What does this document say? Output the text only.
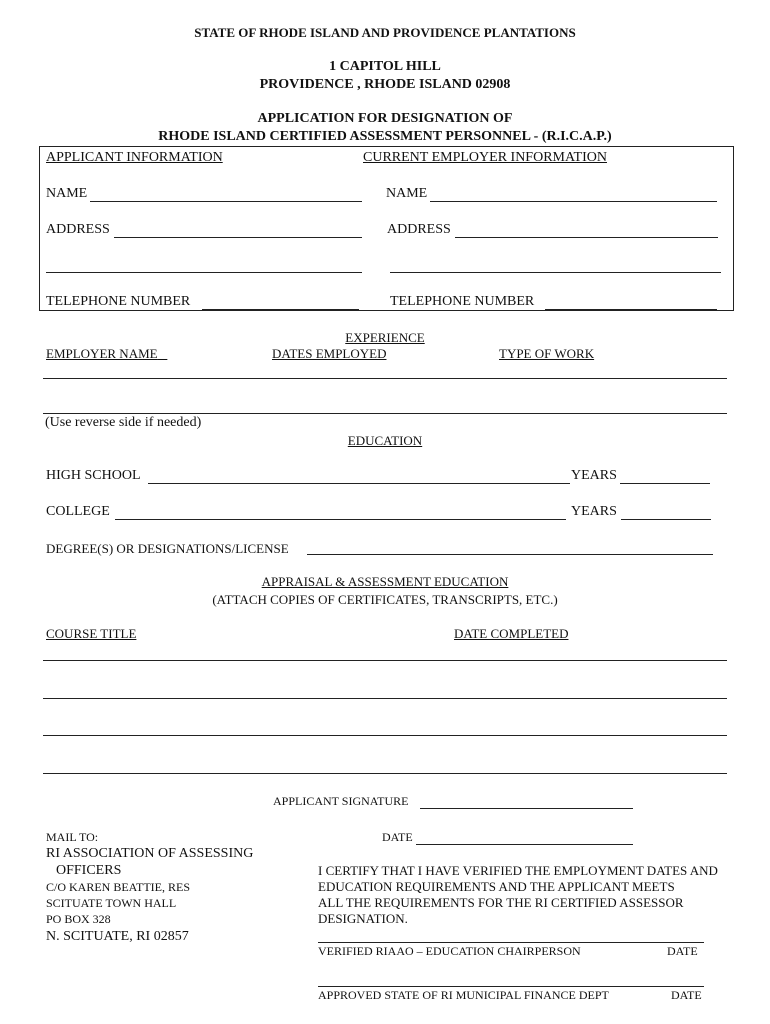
STATE OF RHODE ISLAND AND PROVIDENCE PLANTATIONS
1 CAPITOL HILL
PROVIDENCE , RHODE ISLAND 02908
APPLICATION FOR DESIGNATION OF
RHODE ISLAND CERTIFIED ASSESSMENT PERSONNEL - (R.I.C.A.P.)
APPLICANT INFORMATION	CURRENT EMPLOYER INFORMATION
NAME	NAME
ADDRESS	ADDRESS
TELEPHONE NUMBER	TELEPHONE NUMBER
EXPERIENCE
EMPLOYER NAME	DATES EMPLOYED	TYPE OF WORK
(Use reverse side if needed)
EDUCATION
HIGH SCHOOL	YEARS
COLLEGE	YEARS
DEGREE(S) OR DESIGNATIONS/LICENSE
APPRAISAL & ASSESSMENT EDUCATION
(ATTACH COPIES OF CERTIFICATES, TRANSCRIPTS, ETC.)
COURSE TITLE	DATE COMPLETED
APPLICANT SIGNATURE
DATE
MAIL TO:
RI ASSOCIATION OF ASSESSING
OFFICERS
C/O KAREN BEATTIE, RES
SCITUATE TOWN HALL
PO BOX 328
N. SCITUATE, RI 02857
I CERTIFY THAT I HAVE VERIFIED THE EMPLOYMENT DATES AND
EDUCATION REQUIREMENTS AND THE APPLICANT MEETS
ALL THE REQUIREMENTS FOR THE RI CERTIFIED ASSESSOR
DESIGNATION.
VERIFIED RIAAO – EDUCATION CHAIRPERSON	DATE
APPROVED STATE OF RI MUNICIPAL FINANCE DEPT	DATE
